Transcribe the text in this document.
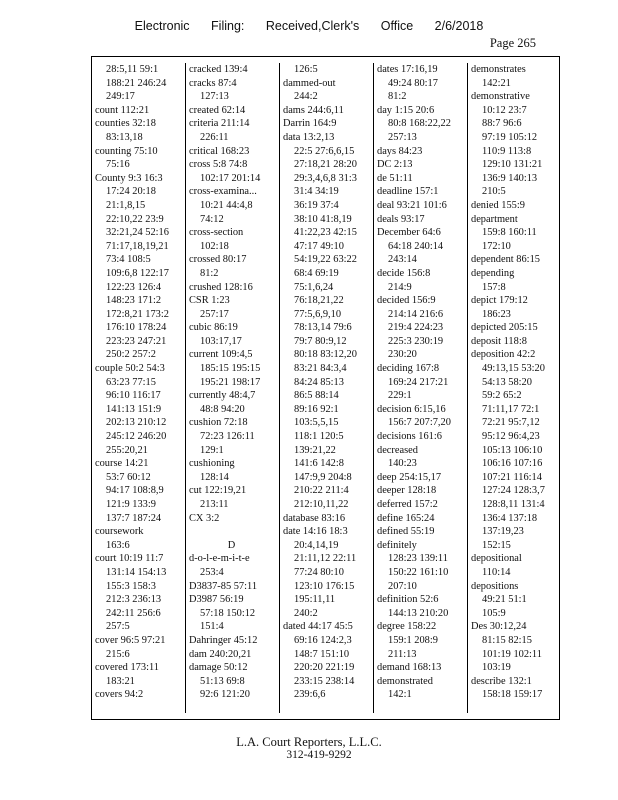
Electronic Filing: Received,Clerk's Office 2/6/2018
Page 265
28:5,11 59:1
188:21 246:24
249:17
count 112:21
counties 32:18
83:13,18
counting 75:10
75:16
County 9:3 16:3
17:24 20:18
21:1,8,15
22:10,22 23:9
32:21,24 52:16
71:17,18,19,21
73:4 108:5
109:6,8 122:17
122:23 126:4
148:23 171:2
172:8,21 173:2
176:10 178:24
223:23 247:21
250:2 257:2
couple 50:2 54:3
63:23 77:15
96:10 116:17
141:13 151:9
202:13 210:12
245:12 246:20
255:20,21
course 14:21
53:7 60:12
94:17 108:8,9
121:9 133:9
137:7 187:24
coursework
163:6
court 10:19 11:7
131:14 154:13
155:3 158:3
212:3 236:13
242:11 256:6
257:5
cover 96:5 97:21
215:6
covered 173:11
183:21
covers 94:2
cracked 139:4
cracks 87:4
127:13
created 62:14
criteria 211:14
226:11
critical 168:23
cross 5:8 74:8
102:17 201:14
cross-examina...
10:21 44:4,8
74:12
cross-section
102:18
crossed 80:17
81:2
crushed 128:16
CSR 1:23
257:17
cubic 86:19
103:17,17
current 109:4,5
185:15 195:15
195:21 198:17
currently 48:4,7
48:8 94:20
cushion 72:18
72:23 126:11
129:1
cushioning
128:14
cut 122:19,21
213:11
CX 3:2
D
d-o-l-e-m-i-t-e
253:4
D3837-85 57:11
D3987 56:19
57:18 150:12
151:4
Dahringer 45:12
dam 240:20,21
damage 50:12
51:13 69:8
92:6 121:20
126:5
dammed-out
244:2
dams 244:6,11
Darrin 164:9
data 13:2,13
22:5 27:6,6,15
27:18,21 28:20
29:3,4,6,8 31:3
31:4 34:19
36:19 37:4
38:10 41:8,19
41:22,23 42:15
47:17 49:10
54:19,22 63:22
68:4 69:19
75:1,6,24
76:18,21,22
77:5,6,9,10
78:13,14 79:6
79:7 80:9,12
80:18 83:12,20
83:21 84:3,4
84:24 85:13
86:5 88:14
89:16 92:1
103:5,5,15
118:1 120:5
139:21,22
141:6 142:8
147:9,9 204:8
210:22 211:4
212:10,11,22
database 83:16
date 14:16 18:3
20:4,14,19
21:11,12 22:11
77:24 80:10
123:10 176:15
195:11,11
240:2
dated 44:17 45:5
69:16 124:2,3
148:7 151:10
220:20 221:19
233:15 238:14
239:6,6
dates 17:16,19
49:24 80:17
81:2
day 1:15 20:6
80:8 168:22,22
257:13
days 84:23
DC 2:13
de 51:11
deadline 157:1
deal 93:21 101:6
deals 93:17
December 64:6
64:18 240:14
243:14
decide 156:8
214:9
decided 156:9
214:14 216:6
219:4 224:23
225:3 230:19
230:20
deciding 167:8
169:24 217:21
229:1
decision 6:15,16
156:7 207:7,20
decisions 161:6
decreased
140:23
deep 254:15,17
deeper 128:18
deferred 157:2
define 165:24
defined 55:19
definitely
128:23 139:11
150:22 161:10
207:10
definition 52:6
144:13 210:20
degree 158:22
159:1 208:9
211:13
demand 168:13
demonstrated
142:1
demonstrates
142:21
demonstrative
10:12 23:7
88:7 96:6
97:19 105:12
110:9 113:8
129:10 131:21
136:9 140:13
210:5
denied 155:9
department
159:8 160:11
172:10
dependent 86:15
depending
157:8
depict 179:12
186:23
depicted 205:15
deposit 118:8
deposition 42:2
49:13,15 53:20
54:13 58:20
59:2 65:2
71:11,17 72:1
72:21 95:7,12
95:12 96:4,23
105:13 106:10
106:16 107:16
107:21 116:14
127:24 128:3,7
128:8,11 131:4
136:4 137:18
137:19,23
152:15
depositional
110:14
depositions
49:21 51:1
105:9
Des 30:12,24
81:15 82:15
101:19 102:11
103:19
describe 132:1
158:18 159:17
L.A. Court Reporters, L.L.C.
312-419-9292
